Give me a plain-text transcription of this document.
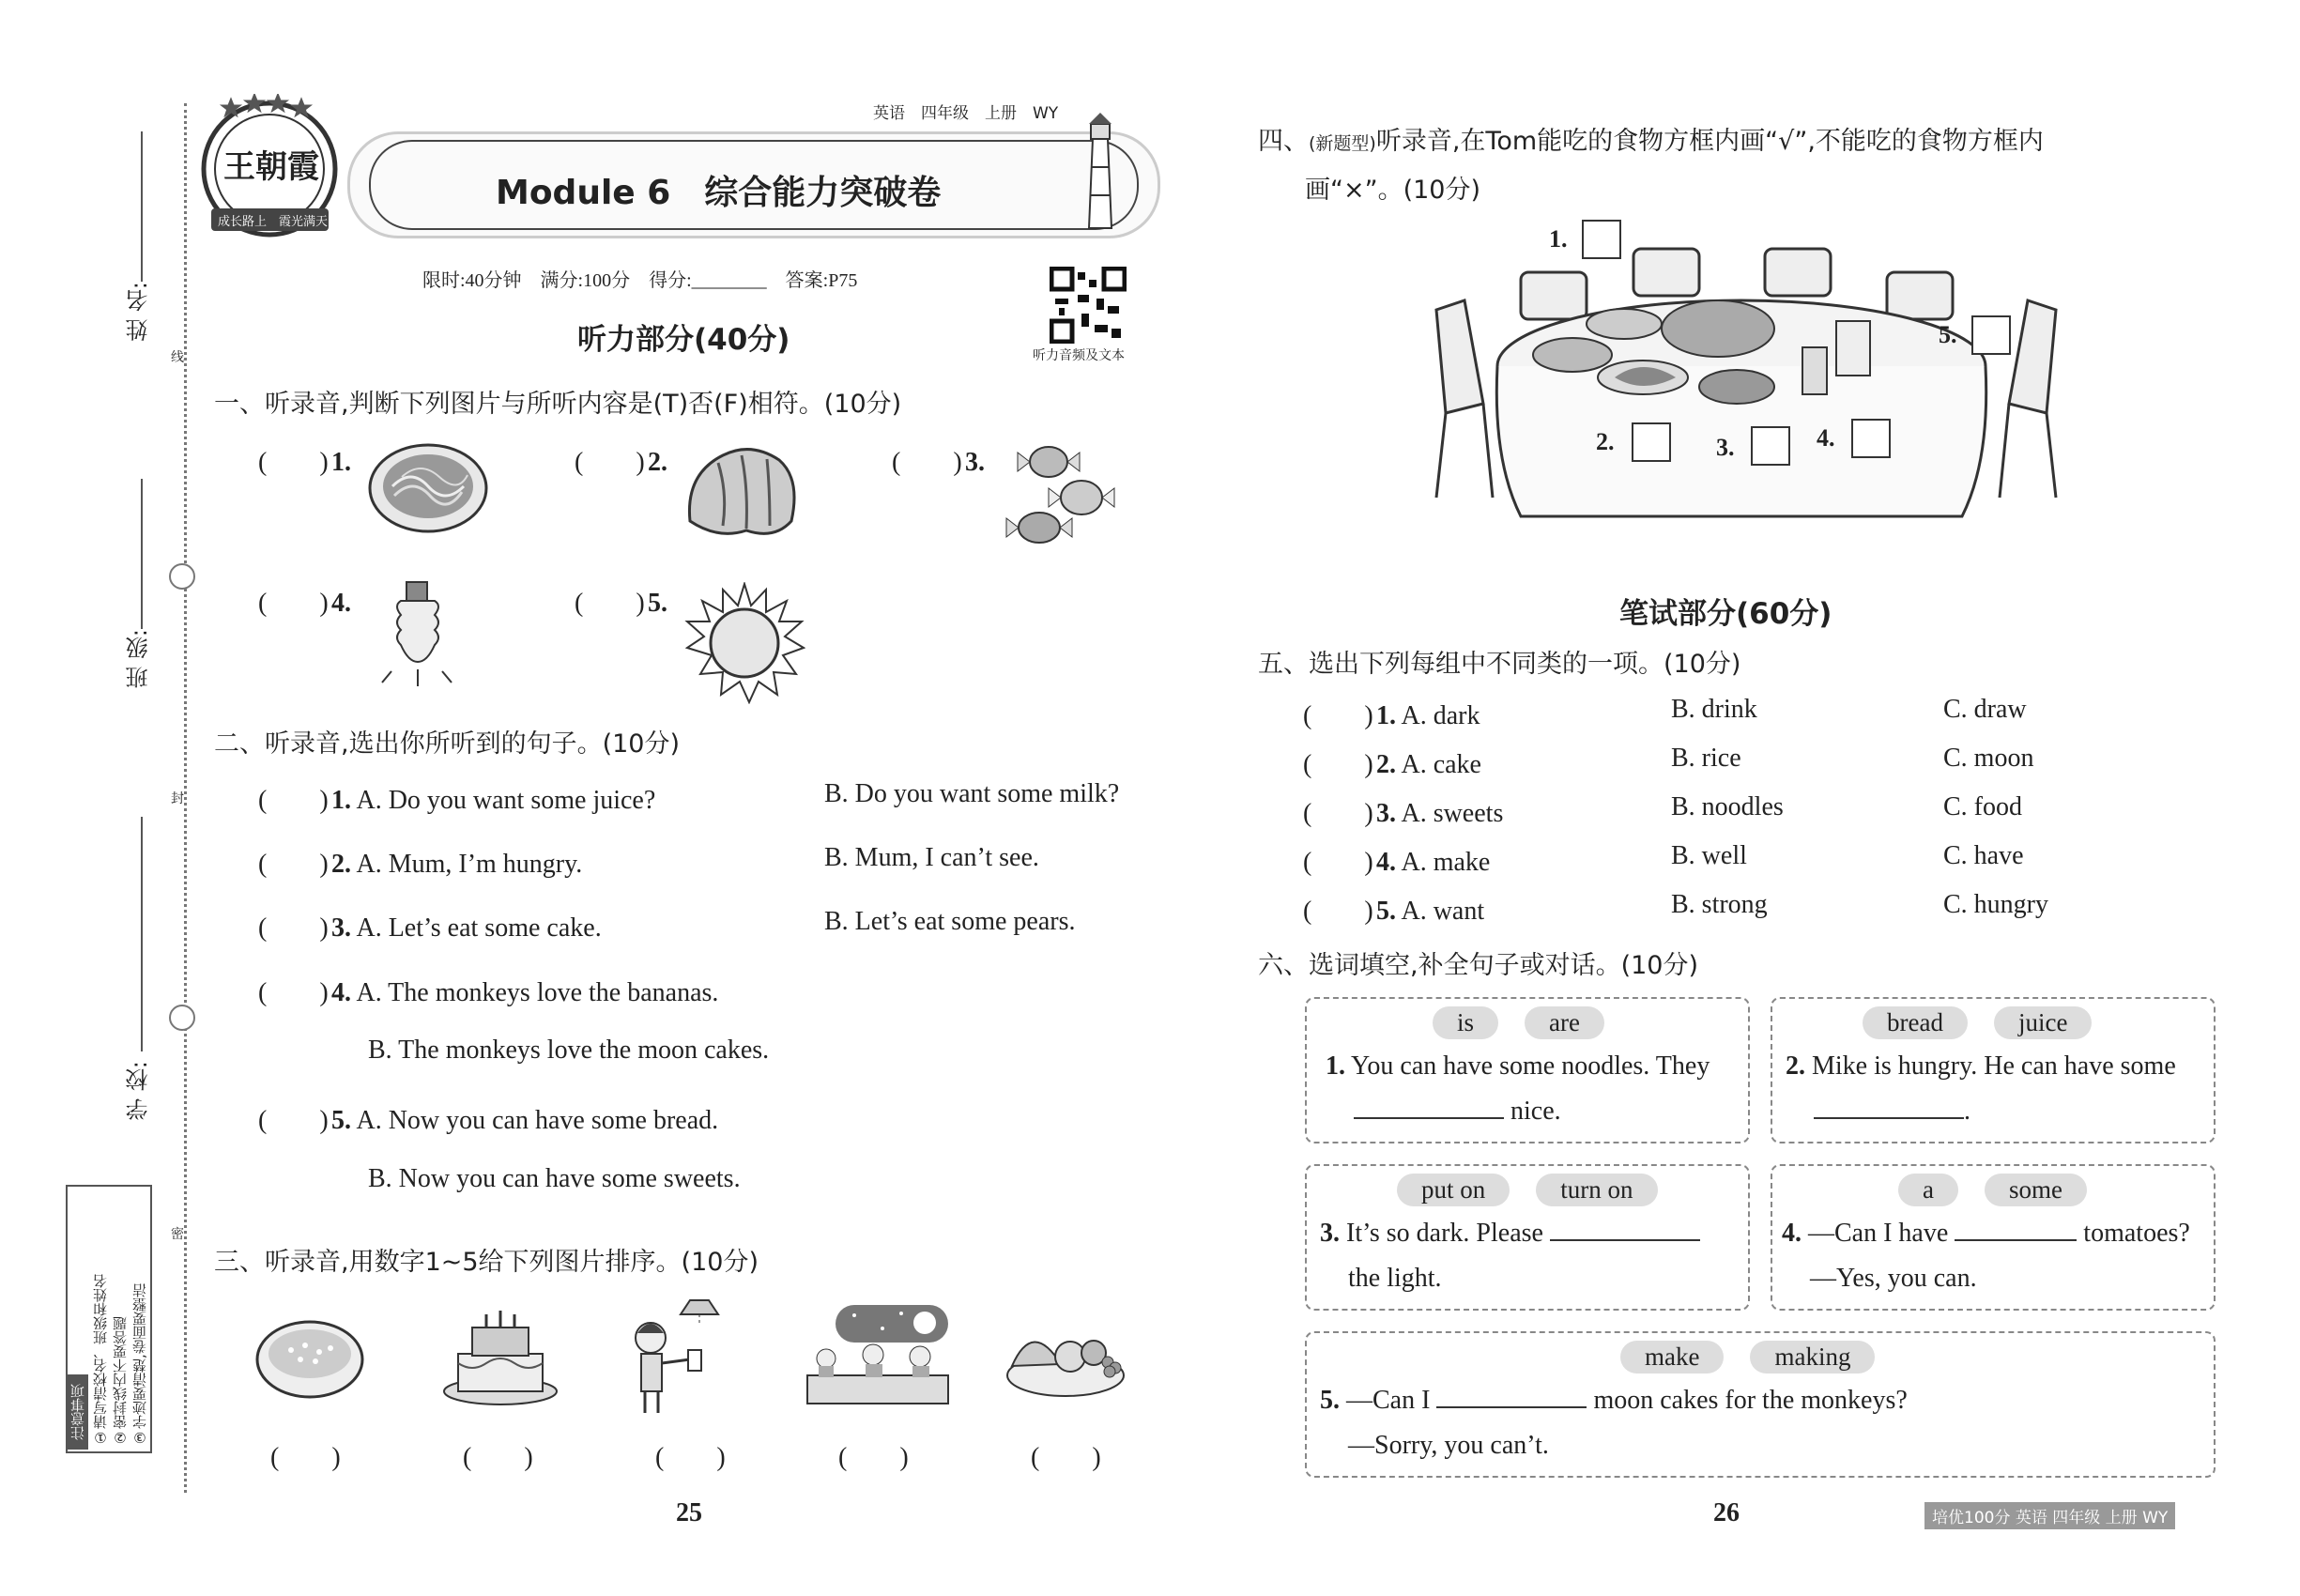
姓 名:
班 级:
学 校:
线
封
密
注意事项 ①请写清校名、班级和姓名 ②密封线内不要答题 ③字迹要清楚,卷面要整洁
王朝霞
成长路上　霞光满天
英语　四年级　上册　WY
Module 6　综合能力突破卷
限时:40分钟　满分:100分　得分:________　答案:P75
听力音频及文本
听力部分(40分)
一、听录音,判断下列图片与所听内容是(T)否(F)相符。(10分)
(　　) 1.	(　　) 2.	(　　) 3.
(　　) 4.	(　　) 5.
二、听录音,选出你所听到的句子。(10分)
(　　) 1. A. Do you want some juice?	B. Do you want some milk?
(　　) 2. A. Mum, I’m hungry.	B. Mum, I can’t see.
(　　) 3. A. Let’s eat some cake.	B. Let’s eat some pears.
(　　) 4. A. The monkeys love the bananas.
B. The monkeys love the moon cakes.
(　　) 5. A. Now you can have some bread.
B. Now you can have some sweets.
三、听录音,用数字1~5给下列图片排序。(10分)
(　　)	(　　)	(　　)	(　　)	(　　)
25
四、(新题型)听录音,在Tom能吃的食物方框内画“√”,不能吃的食物方框内
画“×”。(10分)
1.
2.	3.	4.
5.
笔试部分(60分)
五、选出下列每组中不同类的一项。(10分)
(　　) 1. A. dark	B. drink	C. draw
(　　) 2. A. cake	B. rice	C. moon
(　　) 3. A. sweets	B. noodles	C. food
(　　) 4. A. make	B. well	C. have
(　　) 5. A. want	B. strong	C. hungry
六、选词填空,补全句子或对话。(10分)
is	are
1. You can have some noodles. They
nice.
bread	juice
2. Mike is hungry. He can have some
.
put on	turn on
3. It’s so dark. Please
the light.
a	some
4. —Can I have	tomatoes?
—Yes, you can.
make	making
5. —Can I	moon cakes for the monkeys?
—Sorry, you can’t.
26	培优100分 英语 四年级 上册 WY
